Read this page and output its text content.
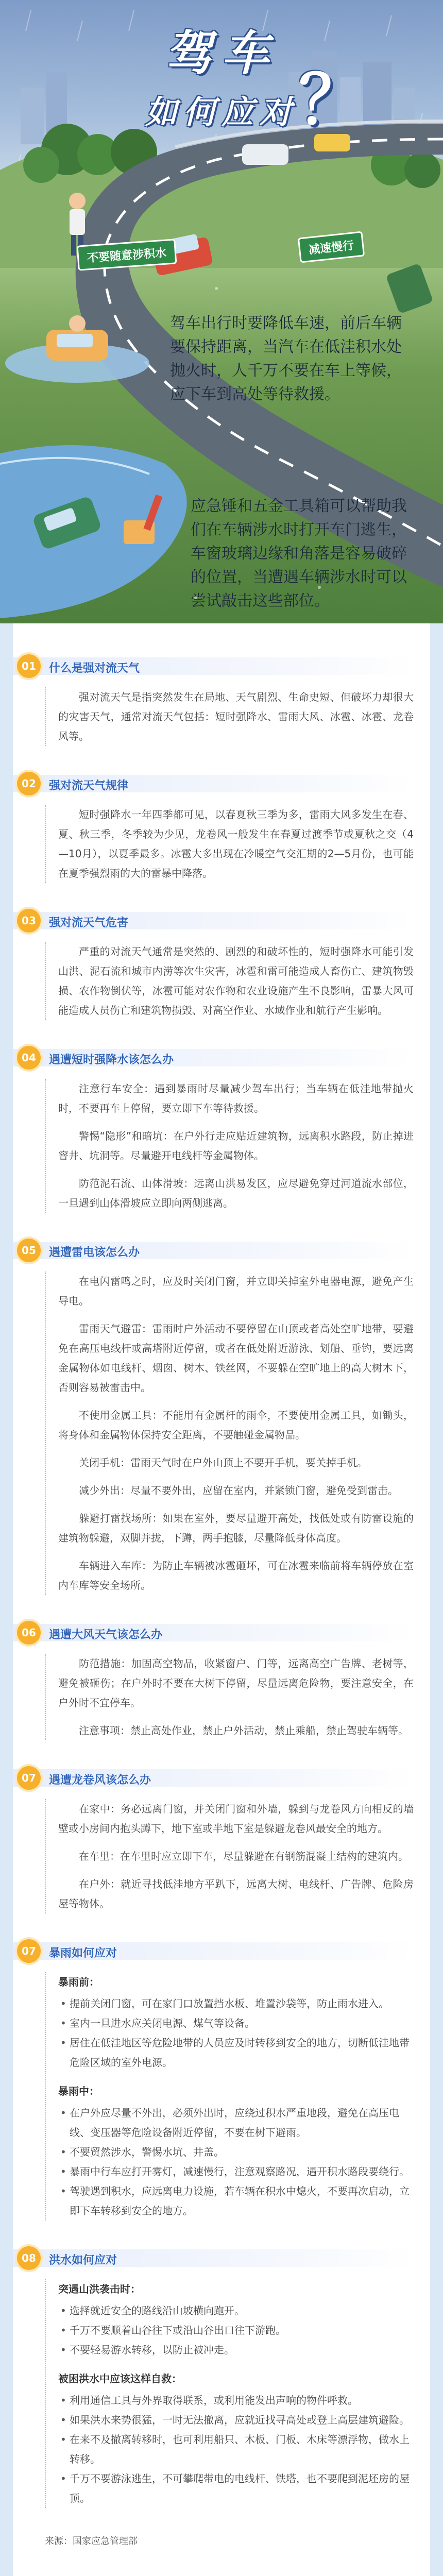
驾车
如何应对 ？
不要随意涉积水	减速慢行
驾车出行时要降低车速，前后车辆要保持距离，当汽车在低洼积水处抛火时，人千万不要在车上等候，应下车到高处等待救援。
应急锤和五金工具箱可以帮助我们在车辆涉水时打开车门逃生，车窗玻璃边缘和角落是容易破碎的位置，当遭遇车辆涉水时可以尝试敲击这些部位。
01	什么是强对流天气

强对流天气是指突然发生在局地、天气剧烈、生命史短、但破坏力却很大的灾害天气，通常对流天气包括：短时强降水、雷雨大风、冰雹、冰雹、龙卷风等。

02	强对流天气规律

短时强降水一年四季都可见，以春夏秋三季为多，雷雨大风多发生在春、夏、秋三季，冬季较为少见，龙卷风一般发生在春夏过渡季节或夏秋之交（4—10月），以夏季最多。冰雹大多出现在冷暖空气交汇期的2—5月份，也可能在夏季强烈雨的大的雷暴中降落。

03	强对流天气危害

严重的对流天气通常是突然的、剧烈的和破坏性的，短时强降水可能引发山洪、泥石流和城市内涝等次生灾害，冰雹和雷可能造成人畜伤亡、建筑物毁损、农作物倒伏等，冰雹可能对农作物和农业设施产生不良影响，雷暴大风可能造成人员伤亡和建筑物损毁、对高空作业、水域作业和航行产生影响。

04	遇遭短时强降水该怎么办

注意行车安全：遇到暴雨时尽量减少驾车出行；当车辆在低洼地带抛火时，不要再车上停留，要立即下车等待救援。

警惕“隐形”和暗坑：在户外行走应贴近建筑物，远离积水路段，防止掉进窨井、坑洞等。尽量避开电线杆等金属物体。

防范泥石流、山体滑坡：远离山洪易发区，应尽避免穿过河道流水部位，一旦遇到山体滑坡应立即向两侧逃离。

05	遇遭雷电该怎么办

在电闪雷鸣之时，应及时关闭门窗，并立即关掉室外电器电源，避免产生导电。

雷雨天气避雷：雷雨时户外活动不要停留在山顶或者高处空旷地带，要避免在高压电线杆或高塔附近停留，或者在低处附近游泳、划船、垂钓，要远离金属物体如电线杆、烟囱、树木、铁丝网，不要躲在空旷地上的高大树木下，否则容易被雷击中。

不使用金属工具：不能用有金属杆的雨伞，不要使用金属工具，如锄头，将身体和金属物体保持安全距离，不要触碰金属物品。

关闭手机：雷雨天气时在户外山顶上不要开手机，要关掉手机。

减少外出：尽量不要外出，应留在室内，并紧锁门窗，避免受到雷击。

躲避打雷找场所：如果在室外，要尽量避开高处，找低处或有防雷设施的建筑物躲避，双脚并拢，下蹲，两手抱膝，尽量降低身体高度。

车辆进入车库：为防止车辆被冰雹砸坏，可在冰雹来临前将车辆停放在室内车库等安全场所。

06	遇遭大风天气该怎么办

防范措施：加固高空物品，收紧窗户、门等，远离高空广告牌、老树等，避免被砸伤；在户外时不要在大树下停留，尽量远离危险物，要注意安全，在户外时不宜停车。

注意事项：禁止高处作业，禁止户外活动，禁止乘船，禁止驾驶车辆等。

07	遇遭龙卷风该怎么办

在家中：务必远离门窗，并关闭门窗和外墙，躲到与龙卷风方向相反的墙壁或小房间内抱头蹲下，地下室或半地下室是躲避龙卷风最安全的地方。

在车里：在车里时应立即下车，尽量躲避在有钢筋混凝土结构的建筑内。

在户外：就近寻找低洼地方平趴下，远离大树、电线杆、广告牌、危险房屋等物体。

07	暴雨如何应对
暴雨前：
• 提前关闭门窗，可在家门口放置挡水板、堆置沙袋等，防止雨水进入。
• 室内一旦进水应关闭电源、煤气等设备。
• 居住在低洼地区等危险地带的人员应及时转移到安全的地方，切断低洼地带危险区域的室外电源。
暴雨中：
• 在户外应尽量不外出，必须外出时，应绕过积水严重地段，避免在高压电线、变压器等危险设备附近停留，不要在树下避雨。
• 不要贸然涉水，警惕水坑、井盖。
• 暴雨中行车应打开雾灯，减速慢行，注意观察路况，遇开积水路段要绕行。
• 驾驶遇到积水，应远离电力设施，若车辆在积水中熄火，不要再次启动，立即下车转移到安全的地方。
08	洪水如何应对
突遇山洪袭击时：
• 选择就近安全的路线沿山坡横向跑开。
• 千万不要顺着山谷往下或沿山谷出口往下游跑。
• 不要轻易游水转移，以防止被冲走。
被困洪水中应该这样自救：
• 利用通信工具与外界取得联系，或利用能发出声响的物件呼救。
• 如果洪水来势很猛，一时无法撤离，应就近找寻高处或登上高层建筑避险。
• 在来不及撤离转移时，也可利用船只、木板、门板、木床等漂浮物，做水上转移。
• 千万不要游泳逃生，不可攀爬带电的电线杆、铁塔，也不要爬到泥坯房的屋顶。
来源：国家应急管理部
